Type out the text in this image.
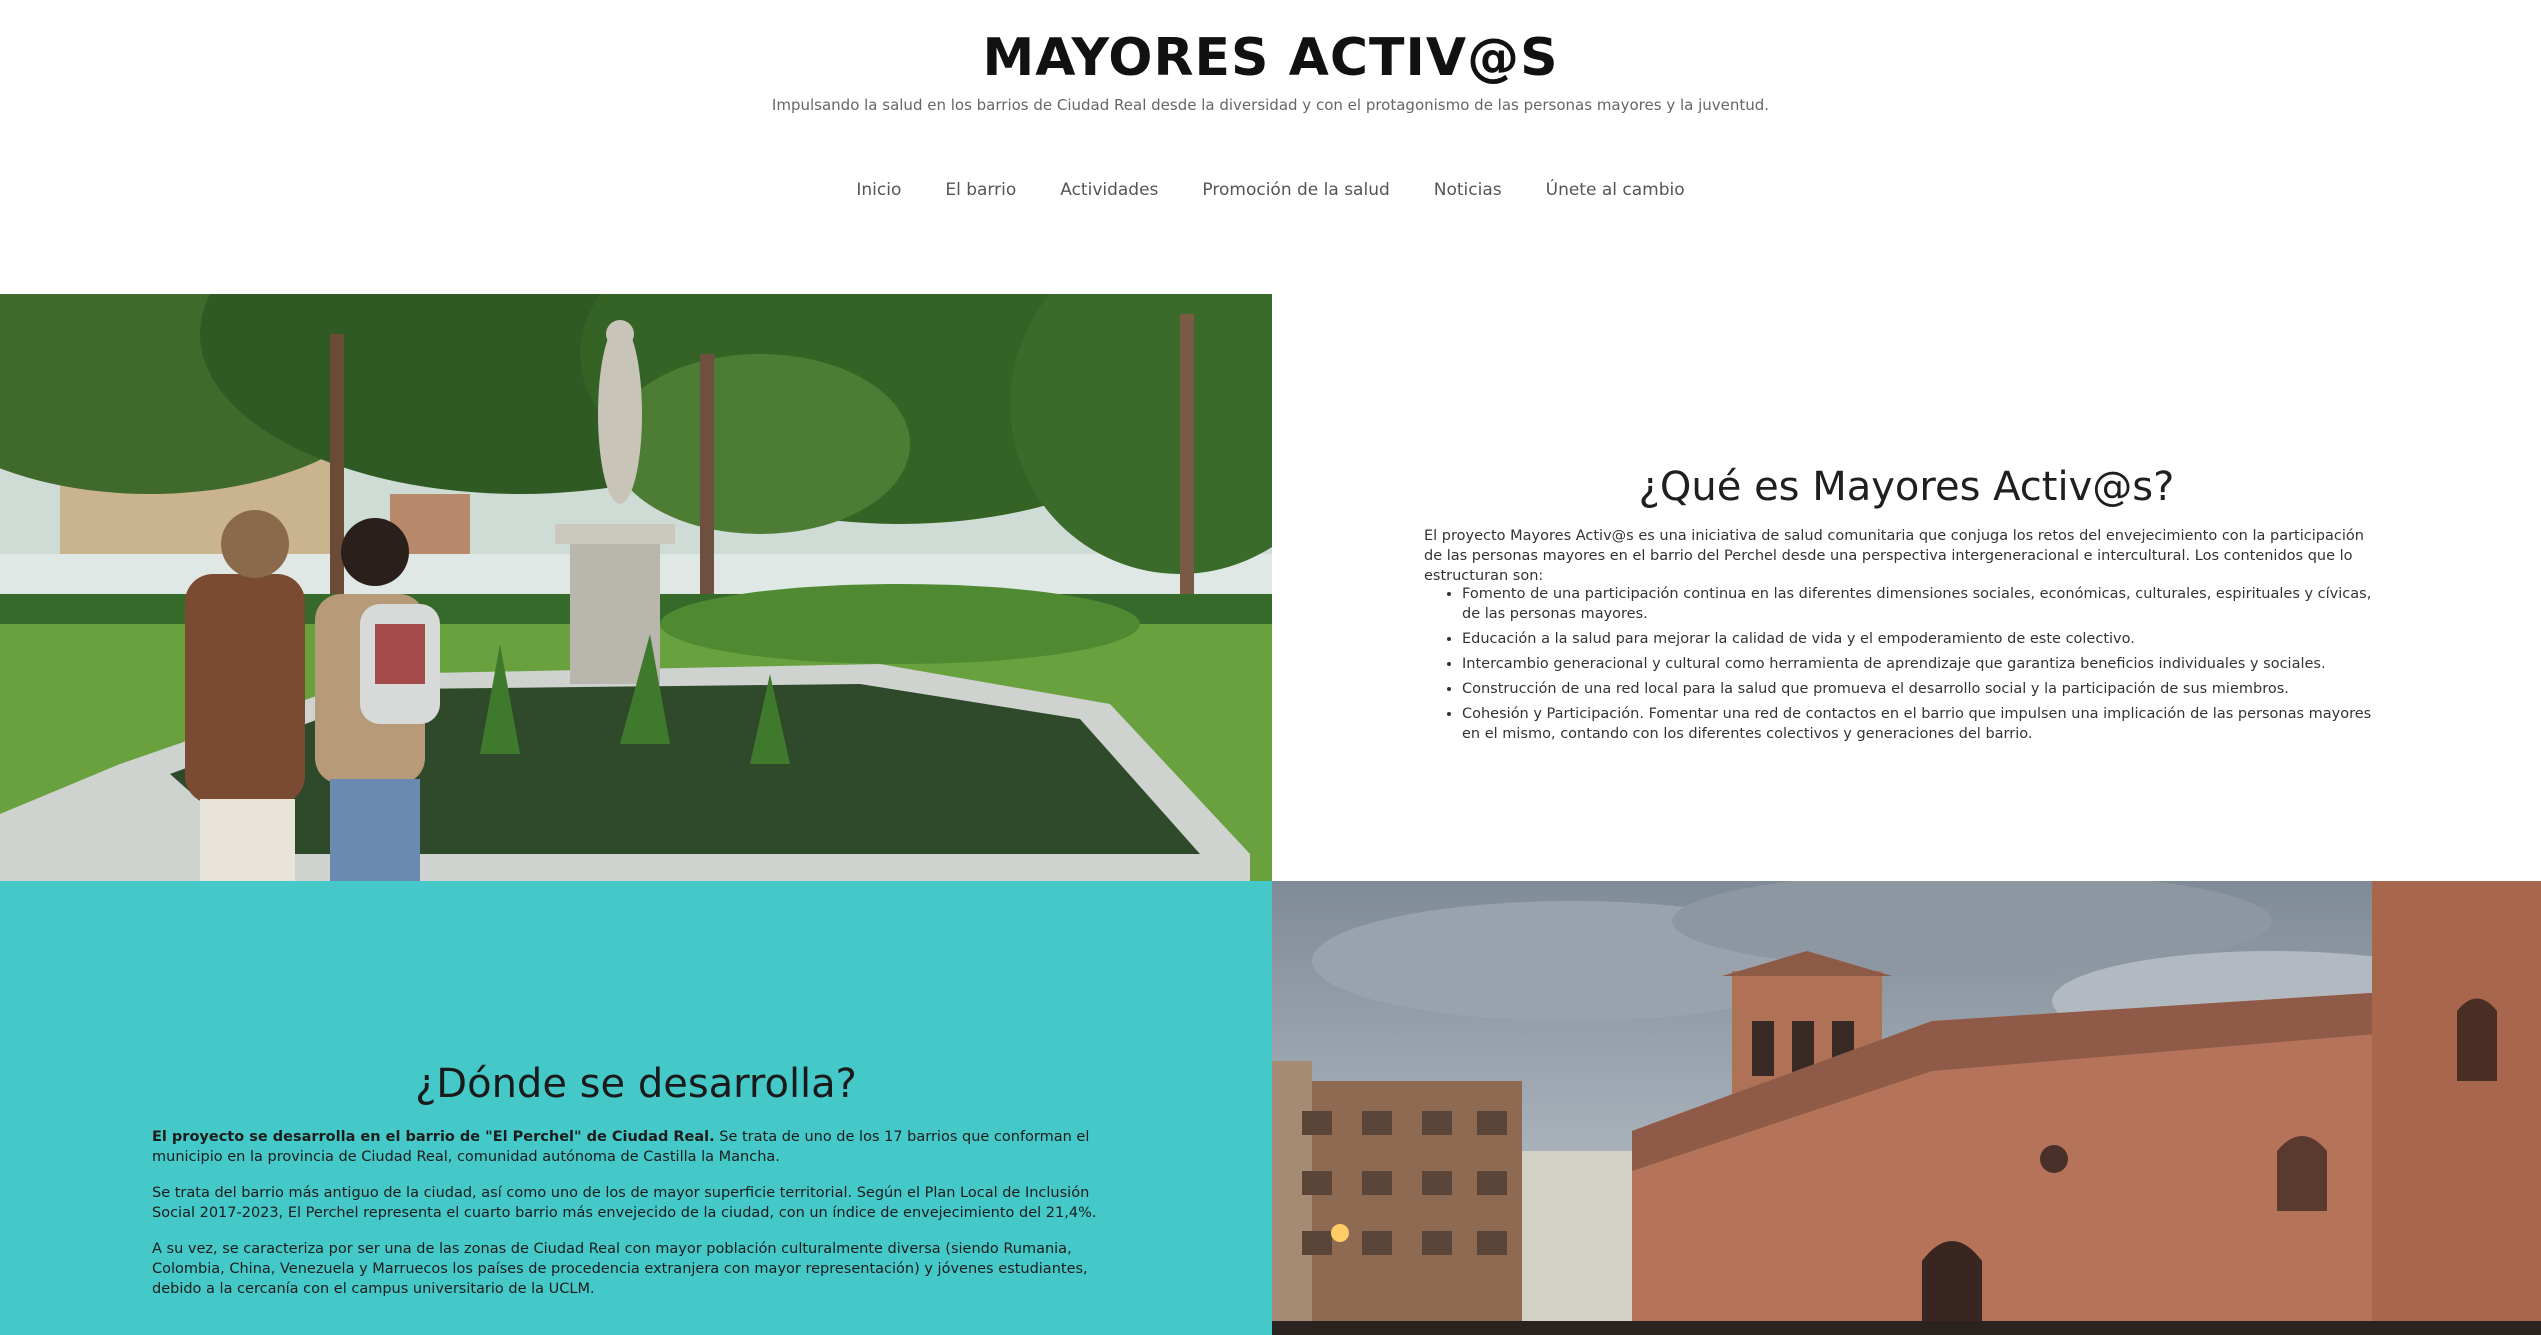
MAYORES ACTIV@S

Impulsando la salud en los barrios de Ciudad Real desde la diversidad y con el protagonismo de las personas mayores y la juventud.

Inicio	El barrio	Actividades	Promoción de la salud	Noticias	Únete al cambio
¿Qué es Mayores Activ@s?

El proyecto Mayores Activ@s es una iniciativa de salud comunitaria que conjuga los retos del envejecimiento con la participación de las personas mayores en el barrio del Perchel desde una perspectiva intergeneracional e intercultural. Los contenidos que lo estructuran son:

• Fomento de una participación continua en las diferentes dimensiones sociales, económicas, culturales, espirituales y cívicas, de las personas mayores.
• Educación a la salud para mejorar la calidad de vida y el empoderamiento de este colectivo.
• Intercambio generacional y cultural como herramienta de aprendizaje que garantiza beneficios individuales y sociales.
• Construcción de una red local para la salud que promueva el desarrollo social y la participación de sus miembros.
• Cohesión y Participación. Fomentar una red de contactos en el barrio que impulsen una implicación de las personas mayores en el mismo, contando con los diferentes colectivos y generaciones del barrio.
¿Dónde se desarrolla?

El proyecto se desarrolla en el barrio de "El Perchel" de Ciudad Real. Se trata de uno de los 17 barrios que conforman el municipio en la provincia de Ciudad Real, comunidad autónoma de Castilla la Mancha.

Se trata del barrio más antiguo de la ciudad, así como uno de los de mayor superficie territorial. Según el Plan Local de Inclusión Social 2017-2023, El Perchel representa el cuarto barrio más envejecido de la ciudad, con un índice de envejecimiento del 21,4%.

A su vez, se caracteriza por ser una de las zonas de Ciudad Real con mayor población culturalmente diversa (siendo Rumania, Colombia, China, Venezuela y Marruecos los países de procedencia extranjera con mayor representación) y jóvenes estudiantes, debido a la cercanía con el campus universitario de la UCLM.
